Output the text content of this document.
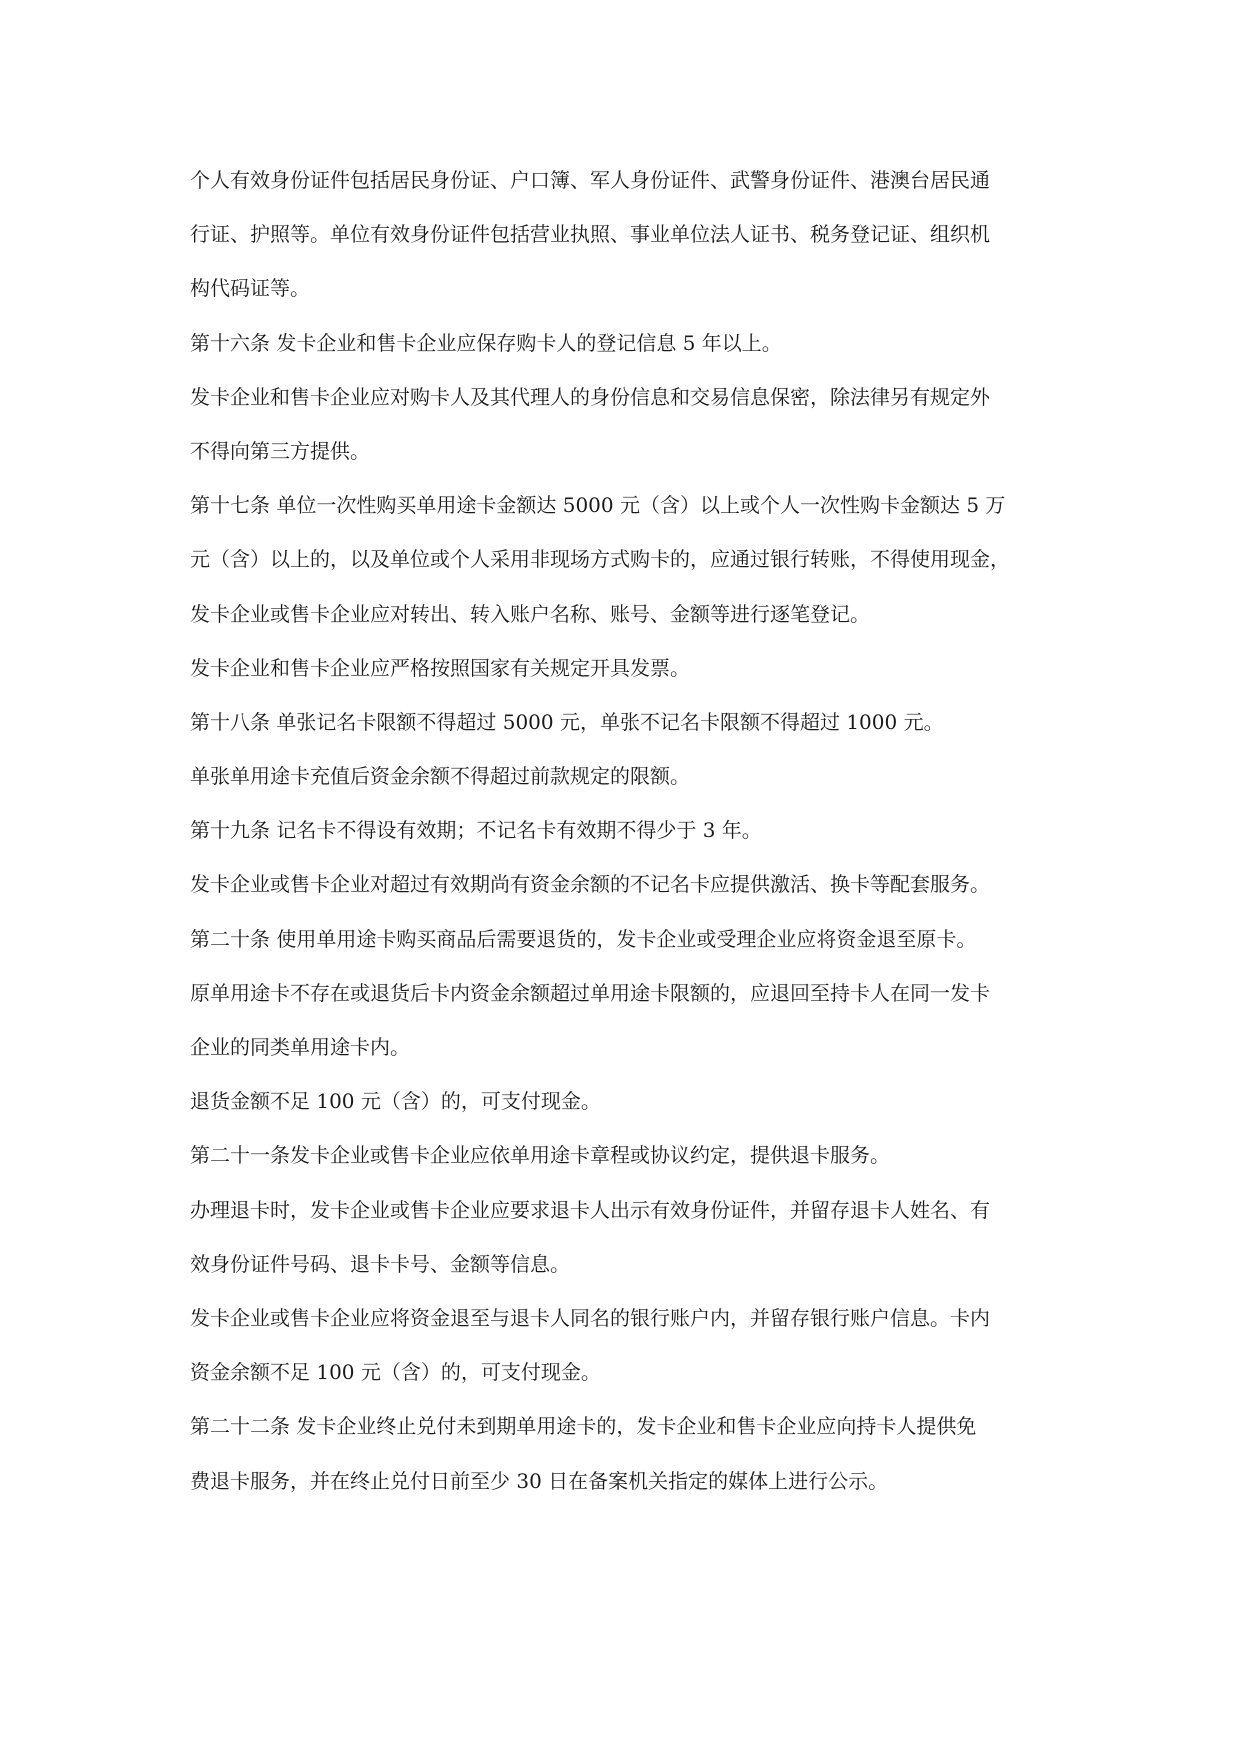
个人有效身份证件包括居民身份证、户口簿、军人身份证件、武警身份证件、港澳台居民通
行证、护照等。单位有效身份证件包括营业执照、事业单位法人证书、税务登记证、组织机
构代码证等。
第十六条 发卡企业和售卡企业应保存购卡人的登记信息 5 年以上。
发卡企业和售卡企业应对购卡人及其代理人的身份信息和交易信息保密，除法律另有规定外
不得向第三方提供。
第十七条 单位一次性购买单用途卡金额达 5000 元（含）以上或个人一次性购卡金额达 5 万
元（含）以上的，以及单位或个人采用非现场方式购卡的，应通过银行转账，不得使用现金，
发卡企业或售卡企业应对转出、转入账户名称、账号、金额等进行逐笔登记。
发卡企业和售卡企业应严格按照国家有关规定开具发票。
第十八条 单张记名卡限额不得超过 5000 元，单张不记名卡限额不得超过 1000 元。
单张单用途卡充值后资金余额不得超过前款规定的限额。
第十九条 记名卡不得设有效期；不记名卡有效期不得少于 3 年。
发卡企业或售卡企业对超过有效期尚有资金余额的不记名卡应提供激活、换卡等配套服务。
第二十条 使用单用途卡购买商品后需要退货的，发卡企业或受理企业应将资金退至原卡。
原单用途卡不存在或退货后卡内资金余额超过单用途卡限额的，应退回至持卡人在同一发卡
企业的同类单用途卡内。
退货金额不足 100 元（含）的，可支付现金。
第二十一条发卡企业或售卡企业应依单用途卡章程或协议约定，提供退卡服务。
办理退卡时，发卡企业或售卡企业应要求退卡人出示有效身份证件，并留存退卡人姓名、有
效身份证件号码、退卡卡号、金额等信息。
发卡企业或售卡企业应将资金退至与退卡人同名的银行账户内，并留存银行账户信息。卡内
资金余额不足 100 元（含）的，可支付现金。
第二十二条 发卡企业终止兑付未到期单用途卡的，发卡企业和售卡企业应向持卡人提供免
费退卡服务，并在终止兑付日前至少 30 日在备案机关指定的媒体上进行公示。
